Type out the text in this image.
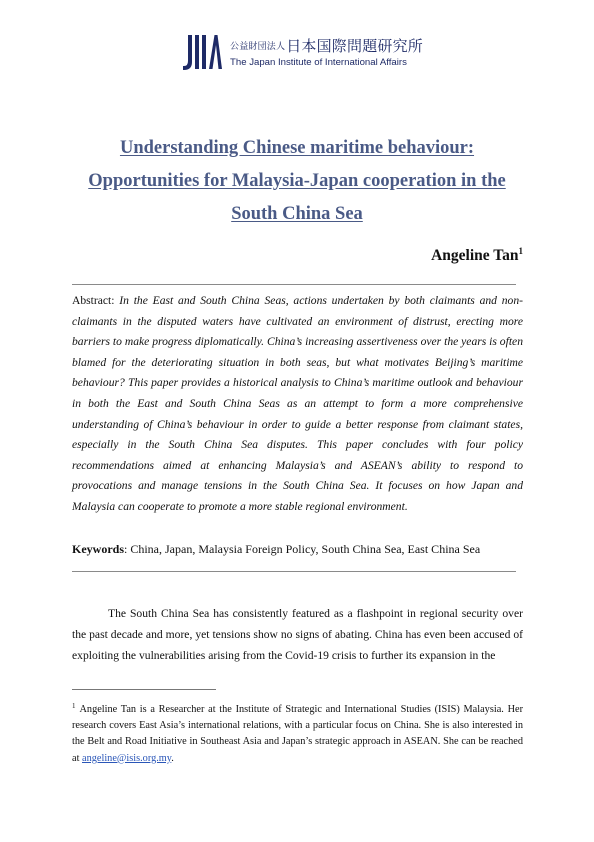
公益財団法人日本国際問題研究所
The Japan Institute of International Affairs
Understanding Chinese maritime behaviour:
Opportunities for Malaysia-Japan cooperation in the
South China Sea
Angeline Tan$^1$
Abstract: In the East and South China Seas, actions undertaken by both claimants and non-claimants in the disputed waters have cultivated an environment of distrust, erecting more barriers to make progress diplomatically. China’s increasing assertiveness over the years is often blamed for the deteriorating situation in both seas, but what motivates Beijing’s maritime behaviour? This paper provides a historical analysis to China’s maritime outlook and behaviour in both the East and South China Seas as an attempt to form a more comprehensive understanding of China’s behaviour in order to guide a better response from claimant states, especially in the South China Sea disputes. This paper concludes with four policy recommendations aimed at enhancing Malaysia’s and ASEAN’s ability to respond to provocations and manage tensions in the South China Sea. It focuses on how Japan and Malaysia can cooperate to promote a more stable regional environment.
Keywords: China, Japan, Malaysia Foreign Policy, South China Sea, East China Sea
The South China Sea has consistently featured as a flashpoint in regional security over the past decade and more, yet tensions show no signs of abating. China has even been accused of exploiting the vulnerabilities arising from the Covid-19 crisis to further its expansion in the
$^1$ Angeline Tan is a Researcher at the Institute of Strategic and International Studies (ISIS) Malaysia. Her research covers East Asia’s international relations, with a particular focus on China. She is also interested in the Belt and Road Initiative in Southeast Asia and Japan’s strategic approach in ASEAN. She can be reached at angeline@isis.org.my.
